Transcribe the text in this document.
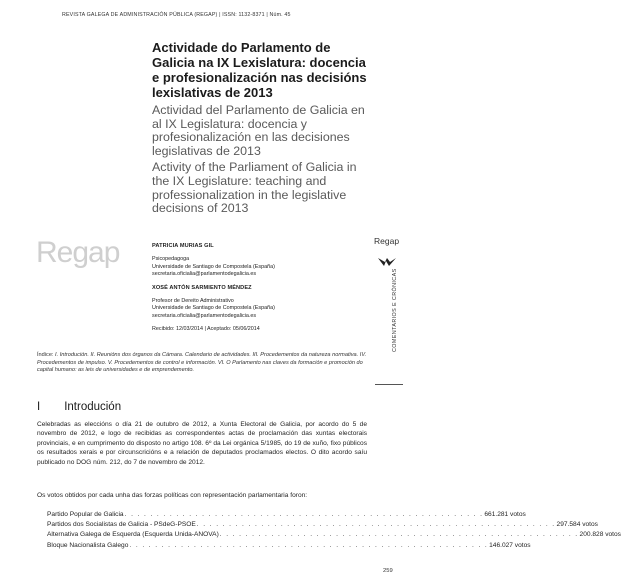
REVISTA GALEGA DE ADMINISTRACIÓN PÚBLICA (REGAP) | ISSN: 1132-8371 | Núm. 45
Actividade do Parlamento de Galicia na IX Lexislatura: docencia e profesionalización nas decisións lexislativas de 2013
Actividad del Parlamento de Galicia en al IX Legislatura: docencia y profesionalización en las decisiones legislativas de 2013
Activity of the Parliament of Galicia in the IX Legislature: teaching and professionalization in the legislative decisions of 2013
Regap	PATRICIA MURIAS GIL
Psicopedagoga
Universidade de Santiago de Compostela (España)
secretaria.oficialia@parlamentodegalicia.es
XOSÉ ANTÓN SARMIENTO MÉNDEZ
Profesor de Dereito Administrativo
Universidade de Santiago de Compostela (España)
secretaria.oficialia@parlamentodegalicia.es
Recibido: 12/03/2014 | Aceptado: 05/06/2014
Regap
COMENTARIOS E CRÓNICAS
Índice: I. Introdución. II. Reunións dos órganos da Cámara. Calendario de actividades. III. Procedementos da natureza normativa. IV. Procedementos de impulso. V. Procedementos de control e información. VI. O Parlamento nas claves da formación e promoción do capital humano: as leis de universidades e de emprendemento.
I Introdución
Celebradas as eleccións o día 21 de outubro de 2012, a Xunta Electoral de Galicia, por acordo do 5 de novembro de 2012, e logo de recibidas as correspondentes actas de proclamación das xuntas electorais provinciais, e en cumprimento do disposto no artigo 108. 6º da Lei orgánica 5/1985, do 19 de xuño, fixo públicos os resultados xerais e por circunscricións e a relación de deputados proclamados electos. O dito acordo saíu publicado no DOG núm. 212, do 7 de novembro de 2012.
Os votos obtidos por cada unha das forzas políticas con representación parlamentaria foron:
Partido Popular de Galicia . . . . . . . . . . . . . . . . . . . . . . . . . . . . . . . . . . . . . . . . . . . . . . . . . . . . . . . . 661.281 votos
Partidos dos Socialistas de Galicia - PSdeG-PSOE . . . . . . . . . . . . . . . . . . . . . . . . . . . . . . . . . . . . . . . . . . . . . . . . . . . . . . . . 297.584 votos
Alternativa Galega de Esquerda (Esquerda Unida-ANOVA) . . . . . . . . . . . . . . . . . . . . . . . . . . . . . . . . . . . . . . . . . . . . . . . . . . . . . . . . 200.828 votos
Bloque Nacionalista Galego . . . . . . . . . . . . . . . . . . . . . . . . . . . . . . . . . . . . . . . . . . . . . . . . . . . . . . . . 146.027 votos
259
